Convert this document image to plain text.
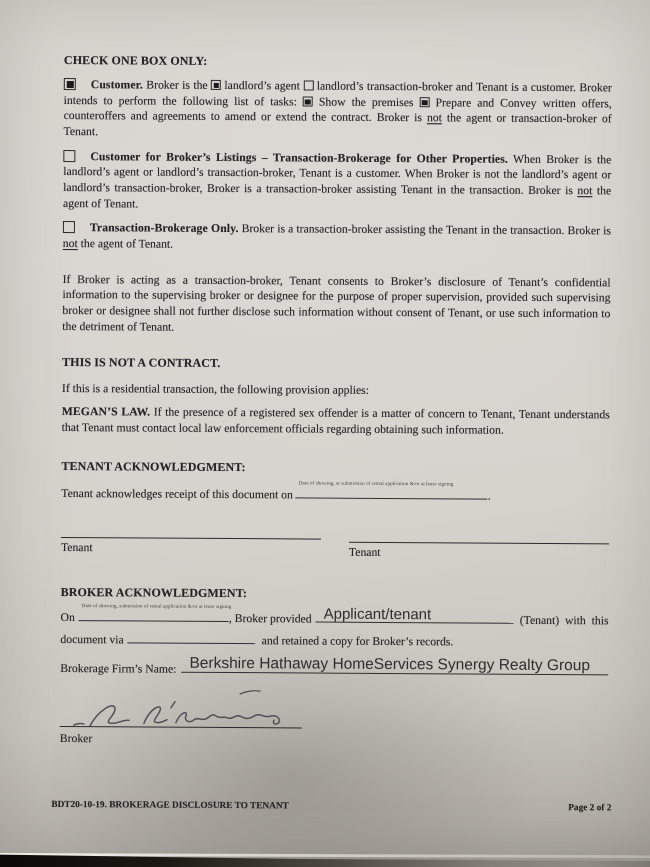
CHECK ONE BOX ONLY:

Customer. Broker is the  landlord’s agent  landlord’s transaction-broker and Tenant is a customer. Broker intends to perform the following list of tasks:  Show the premises  Prepare and Convey written offers, counteroffers and agreements to amend or extend the contract. Broker is not the agent or transaction-broker of Tenant.

Customer for Broker’s Listings – Transaction-Brokerage for Other Properties. When Broker is the landlord’s agent or landlord’s transaction-broker, Tenant is a customer. When Broker is not the landlord’s agent or landlord’s transaction-broker, Broker is a transaction-broker assisting Tenant in the transaction. Broker is not the agent of Tenant.

Transaction-Brokerage Only. Broker is a transaction-broker assisting the Tenant in the transaction. Broker is not the agent of Tenant.

If Broker is acting as a transaction-broker, Tenant consents to Broker’s disclosure of Tenant’s confidential information to the supervising broker or designee for the purpose of proper supervision, provided such supervising broker or designee shall not further disclose such information without consent of Tenant, or use such information to the detriment of Tenant.

THIS IS NOT A CONTRACT.

If this is a residential transaction, the following provision applies:

MEGAN’S LAW. If the presence of a registered sex offender is a matter of concern to Tenant, Tenant understands that Tenant must contact local law enforcement officials regarding obtaining such information.

TENANT ACKNOWLEDGMENT:

Tenant acknowledges receipt of this document on
Date of showing, at submission of rental application &/or at lease signing
.

Tenant	Tenant
BROKER ACKNOWLEDGMENT:
On
Date of showing, submission of rental application &/or at lease signing
, Broker provided Applicant/tenant	(Tenant)  with  this
document via	and retained a copy for Broker’s records.
Brokerage Firm’s Name: Berkshire Hathaway HomeServices Synergy Realty Group
Broker
BDT20-10-19. BROKERAGE DISCLOSURE TO TENANT	Page 2 of 2
